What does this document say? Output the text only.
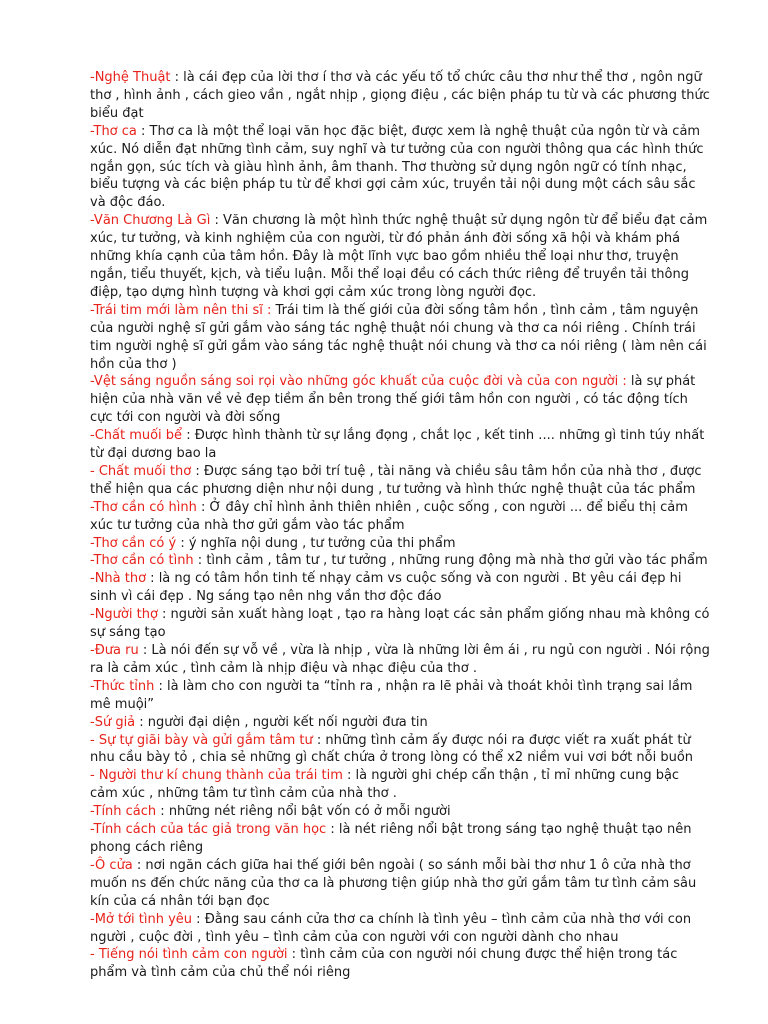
-Nghệ Thuật : là cái đẹp của lời thơ í thơ và các yếu tố tổ chức câu thơ như thể thơ , ngôn ngữ thơ , hình ảnh , cách gieo vần , ngắt nhịp , giọng điệu , các biện pháp tu từ và các phương thức biểu đạt

-Thơ ca : Thơ ca là một thể loại văn học đặc biệt, được xem là nghệ thuật của ngôn từ và cảm xúc. Nó diễn đạt những tình cảm, suy nghĩ và tư tưởng của con người thông qua các hình thức ngắn gọn, súc tích và giàu hình ảnh, âm thanh. Thơ thường sử dụng ngôn ngữ có tính nhạc, biểu tượng và các biện pháp tu từ để khơi gợi cảm xúc, truyền tải nội dung một cách sâu sắc và độc đáo.

-Văn Chương Là Gì : Văn chương là một hình thức nghệ thuật sử dụng ngôn từ để biểu đạt cảm xúc, tư tưởng, và kinh nghiệm của con người, từ đó phản ánh đời sống xã hội và khám phá những khía cạnh của tâm hồn. Đây là một lĩnh vực bao gồm nhiều thể loại như thơ, truyện ngắn, tiểu thuyết, kịch, và tiểu luận. Mỗi thể loại đều có cách thức riêng để truyền tải thông điệp, tạo dựng hình tượng và khơi gợi cảm xúc trong lòng người đọc.

-Trái tim mới làm nên thi sĩ : Trái tim là thế giới của đời sống tâm hồn , tình cảm , tâm nguyện của người nghệ sĩ gửi gắm vào sáng tác nghệ thuật nói chung và thơ ca nói riêng . Chính trái tim người nghệ sĩ gửi gắm vào sáng tác nghệ thuật nói chung và thơ ca nói riêng ( làm nên cái hồn của thơ )

-Vệt sáng nguồn sáng soi rọi vào những góc khuất của cuộc đời và của con người : là sự phát hiện của nhà văn về vẻ đẹp tiềm ẩn bên trong thế giới tâm hồn con người , có tác động tích cực tới con người và đời sống

-Chất muối bể : Được hình thành từ sự lắng đọng , chắt lọc , kết tinh .... những gì tinh túy nhất từ đại dương bao la

- Chất muối thơ : Được sáng tạo bởi trí tuệ , tài năng và chiều sâu tâm hồn của nhà thơ , được thể hiện qua các phương diện như nội dung , tư tưởng và hình thức nghệ thuật của tác phẩm

-Thơ cần có hình : Ở đây chỉ hình ảnh thiên nhiên , cuộc sống , con người ... để biểu thị cảm xúc tư tưởng của nhà thơ gửi gắm vào tác phẩm

-Thơ cần có ý : ý nghĩa nội dung , tư tưởng của thi phẩm

-Thơ cần có tình : tình cảm , tâm tư , tư tưởng , những rung động mà nhà thơ gửi vào tác phẩm

-Nhà thơ : là ng có tâm hồn tinh tế nhạy cảm vs cuộc sống và con người . Bt yêu cái đẹp hi sinh vì cái đẹp . Ng sáng tạo nên nhg vần thơ độc đáo

-Người thợ : người sản xuất hàng loạt , tạo ra hàng loạt các sản phẩm giống nhau mà không có sự sáng tạo

-Đưa ru : Là nói đến sự vỗ về , vừa là nhịp , vừa là những lời êm ái , ru ngủ con người . Nói rộng ra là cảm xúc , tình cảm là nhịp điệu và nhạc điệu của thơ .

-Thức tỉnh : là làm cho con người ta “tỉnh ra , nhận ra lẽ phải và thoát khỏi tình trạng sai lầm mê muội”

-Sứ giả : người đại diện , người kết nối người đưa tin

- Sự tự giãi bày và gửi gắm tâm tư : những tình cảm ấy được nói ra được viết ra xuất phát từ nhu cầu bày tỏ , chia sẻ những gì chất chứa ở trong lòng có thể x2 niềm vui vơi bớt nỗi buồn

- Người thư kí chung thành của trái tim : là người ghi chép cẩn thận , tỉ mỉ những cung bậc cảm xúc , những tâm tư tình cảm của nhà thơ .

-Tính cách : những nét riêng nổi bật vốn có ở mỗi người

-Tính cách của tác giả trong văn học : là nét riêng nổi bật trong sáng tạo nghệ thuật tạo nên phong cách riêng

-Ô cửa : nơi ngăn cách giữa hai thế giới bên ngoài ( so sánh mỗi bài thơ như 1 ô cửa nhà thơ muốn ns đến chức năng của thơ ca là phương tiện giúp nhà thơ gửi gắm tâm tư tình cảm sâu kín của cá nhân tới bạn đọc

-Mở tới tình yêu : Đằng sau cánh cửa thơ ca chính là tình yêu – tình cảm của nhà thơ với con người , cuộc đời , tình yêu – tình cảm của con người với con người dành cho nhau

- Tiếng nói tình cảm con người : tình cảm của con người nói chung được thể hiện trong tác phẩm và tình cảm của chủ thể nói riêng
